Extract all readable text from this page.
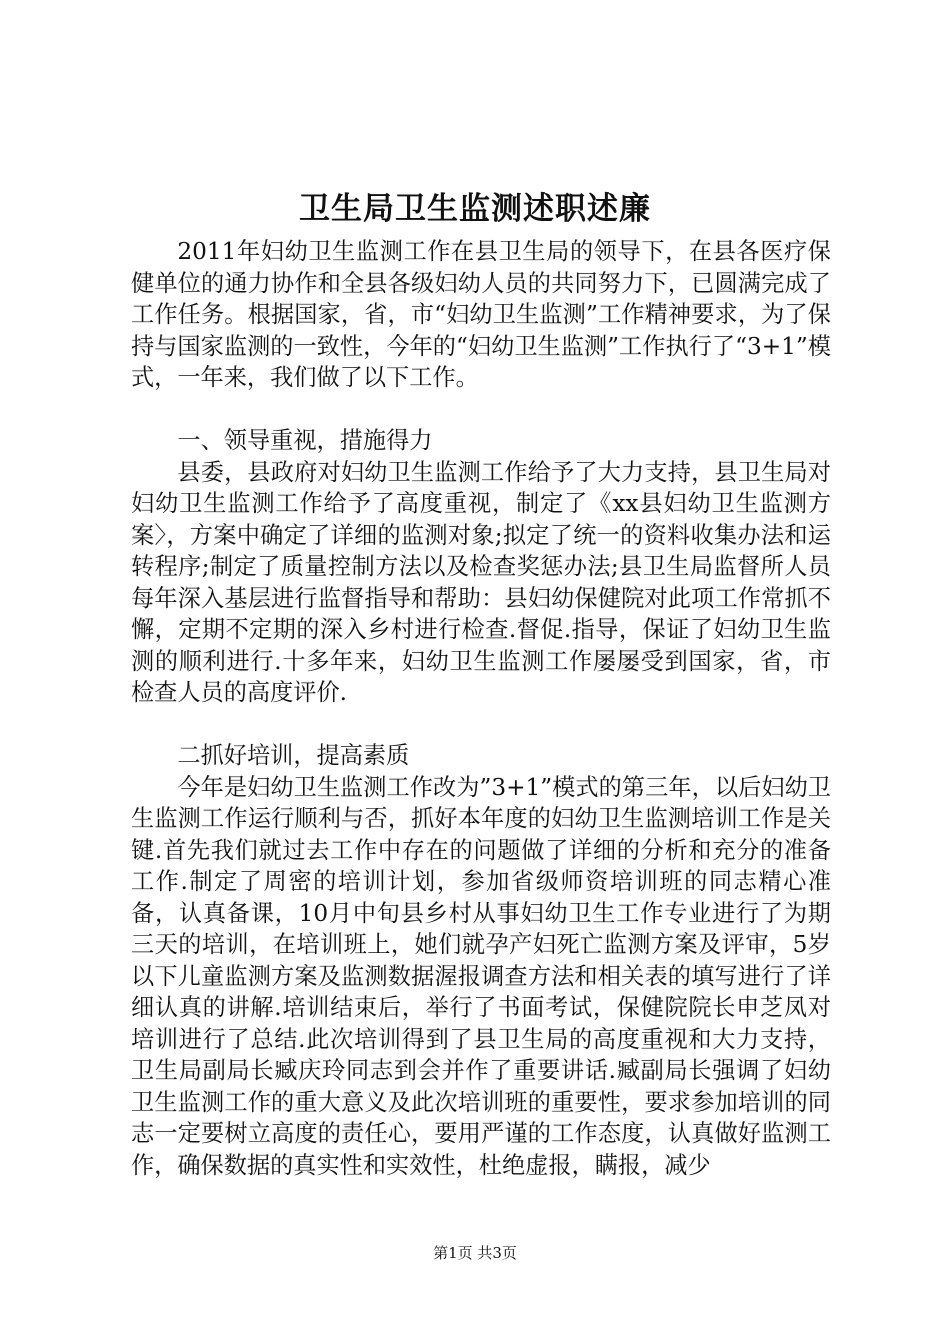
卫生局卫生监测述职述廉

2011年妇幼卫生监测工作在县卫生局的领导下，在县各医疗保健单位的通力协作和全县各级妇幼人员的共同努力下，已圆满完成了工作任务。根据国家，省，市“妇幼卫生监测”工作精神要求，为了保持与国家监测的一致性，今年的“妇幼卫生监测”工作执行了“3+1”模式，一年来，我们做了以下工作。

一、领导重视，措施得力

县委，县政府对妇幼卫生监测工作给予了大力支持，县卫生局对妇幼卫生监测工作给予了高度重视，制定了《xx县妇幼卫生监测方案〉，方案中确定了详细的监测对象;拟定了统一的资料收集办法和运转程序;制定了质量控制方法以及检查奖惩办法;县卫生局监督所人员每年深入基层进行监督指导和帮助：县妇幼保健院对此项工作常抓不懈，定期不定期的深入乡村进行检查.督促.指导，保证了妇幼卫生监测的顺利进行.十多年来，妇幼卫生监测工作屡屡受到国家，省，市检查人员的高度评价.

二抓好培训，提高素质

今年是妇幼卫生监测工作改为”3+1”模式的第三年，以后妇幼卫生监测工作运行顺利与否，抓好本年度的妇幼卫生监测培训工作是关键.首先我们就过去工作中存在的问题做了详细的分析和充分的准备工作.制定了周密的培训计划，参加省级师资培训班的同志精心准备，认真备课，10月中旬县乡村从事妇幼卫生工作专业进行了为期三天的培训，在培训班上，她们就孕产妇死亡监测方案及评审，5岁以下儿童监测方案及监测数据渥报调查方法和相关表的填写进行了详细认真的讲解.培训结束后，举行了书面考试，保健院院长申芝凤对培训进行了总结.此次培训得到了县卫生局的高度重视和大力支持，卫生局副局长臧庆玲同志到会并作了重要讲话.臧副局长强调了妇幼卫生监测工作的重大意义及此次培训班的重要性，要求参加培训的同志一定要树立高度的责任心，要用严谨的工作态度，认真做好监测工作，确保数据的真实性和实效性，杜绝虚报，瞒报，减少

第1页 共3页
